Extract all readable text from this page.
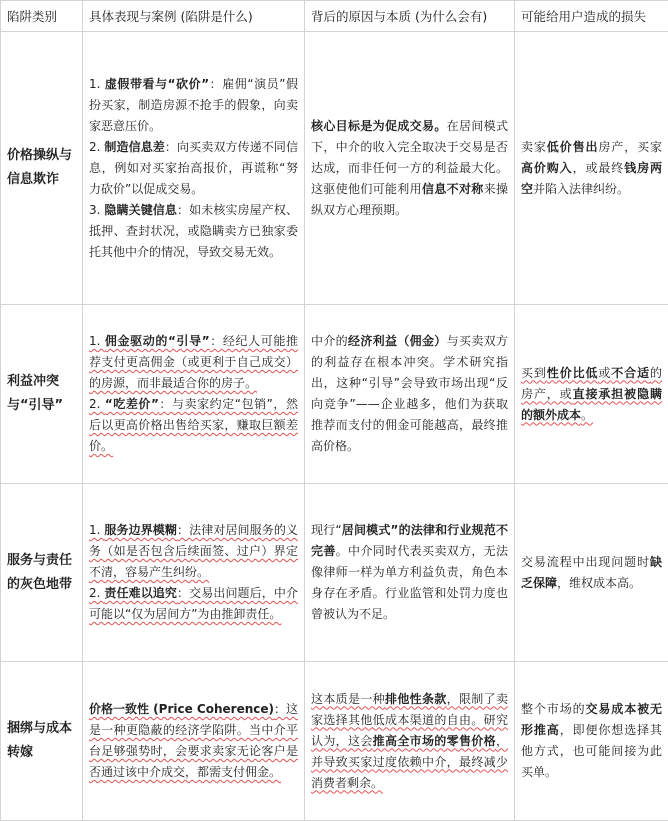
陷阱类别	具体表现与案例 (陷阱是什么)	背后的原因与本质 (为什么会有)	可能给用户造成的损失
价格操纵与信息欺诈	1. 虚假带看与“砍价”：雇佣“演员”假扮买家，制造房源不抢手的假象，向卖家恶意压价。

2. 制造信息差：向买卖双方传递不同信息，例如对买家抬高报价，再谎称“努力砍价”以促成交易。

3. 隐瞒关键信息：如未核实房屋产权、抵押、查封状况，或隐瞒卖方已独家委托其他中介的情况，导致交易无效。	核心目标是为促成交易。在居间模式下，中介的收入完全取决于交易是否达成，而非任何一方的利益最大化。这驱使他们可能利用信息不对称来操纵双方心理预期。	卖家低价售出房产，买家高价购入，或最终钱房两空并陷入法律纠纷。
利益冲突与“引导”	1. 佣金驱动的“引导”：经纪人可能推荐支付更高佣金（或更利于自己成交）的房源，而非最适合你的房子。

2. “吃差价”：与卖家约定“包销”，然后以更高价格出售给买家，赚取巨额差价。	中介的经济利益（佣金）与买卖双方的利益存在根本冲突。学术研究指出，这种“引导”会导致市场出现“反向竞争”——企业越多，他们为获取推荐而支付的佣金可能越高，最终推高价格。	买到性价比低或不合适的房产，或直接承担被隐瞒的额外成本。
服务与责任的灰色地带	1. 服务边界模糊：法律对居间服务的义务（如是否包含后续面签、过户）界定不清，容易产生纠纷。

2. 责任难以追究：交易出问题后，中介可能以“仅为居间方”为由推卸责任。	现行“居间模式”的法律和行业规范不完善。中介同时代表买卖双方，无法像律师一样为单方利益负责，角色本身存在矛盾。行业监管和处罚力度也曾被认为不足。	交易流程中出现问题时缺乏保障，维权成本高。
捆绑与成本转嫁	价格一致性 (Price Coherence)：这是一种更隐蔽的经济学陷阱。当中介平台足够强势时，会要求卖家无论客户是否通过该中介成交，都需支付佣金。	这本质是一种排他性条款，限制了卖家选择其他低成本渠道的自由。研究认为，这会推高全市场的零售价格，并导致买家过度依赖中介，最终减少消费者剩余。	整个市场的交易成本被无形推高，即便你想选择其他方式，也可能间接为此买单。
